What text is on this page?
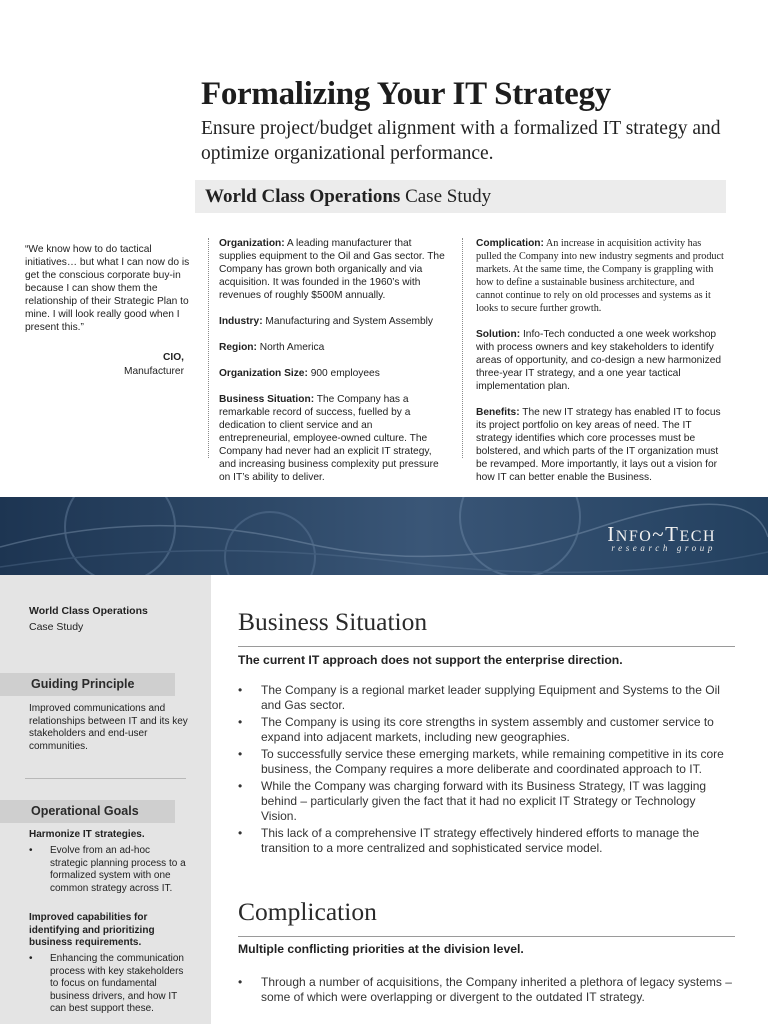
Formalizing Your IT Strategy
Ensure project/budget alignment with a formalized IT strategy and optimize organizational performance.
World Class Operations Case Study
“We know how to do tactical initiatives… but what I can now do is get the conscious corporate buy-in because I can show them the relationship of their Strategic Plan to mine. I will look really good when I present this.”
CIO,
Manufacturer

Organization: A leading manufacturer that supplies equipment to the Oil and Gas sector. The Company has grown both organically and via acquisition. It was founded in the 1960’s with revenues of roughly $500M annually.

Industry: Manufacturing and System Assembly

Region: North America

Organization Size: 900 employees

Business Situation: The Company has a remarkable record of success, fuelled by a dedication to client service and an entrepreneurial, employee-owned culture. The Company had never had an explicit IT strategy, and increasing business complexity put pressure on IT’s ability to deliver.

Complication: An increase in acquisition activity has pulled the Company into new industry segments and product markets. At the same time, the Company is grappling with how to define a sustainable business architecture, and cannot continue to rely on old processes and systems as it looks to secure further growth.

Solution: Info-Tech conducted a one week workshop with process owners and key stakeholders to identify areas of opportunity, and co-design a new harmonized three-year IT strategy, and a one year tactical implementation plan.

Benefits: The new IT strategy has enabled IT to focus its project portfolio on key areas of need. The IT strategy identifies which core processes must be bolstered, and which parts of the IT organization must be revamped. More importantly, it lays out a vision for how IT can better enable the Business.

INFO~TECH
research group
World Class Operations
Case Study
Guiding Principle
Improved communications and relationships between IT and its key stakeholders and end-user communities.
Operational Goals
Harmonize IT strategies.
• Evolve from an ad-hoc strategic planning process to a formalized system with one common strategy across IT.
Improved capabilities for identifying and prioritizing business requirements.
• Enhancing the communication process with key stakeholders to focus on fundamental business drivers, and how IT can best support these.
Business Situation
The current IT approach does not support the enterprise direction.
• The Company is a regional market leader supplying Equipment and Systems to the Oil and Gas sector.
• The Company is using its core strengths in system assembly and customer service to expand into adjacent markets, including new geographies.
• To successfully service these emerging markets, while remaining competitive in its core business, the Company requires a more deliberate and coordinated approach to IT.
• While the Company was charging forward with its Business Strategy, IT was lagging behind – particularly given the fact that it had no explicit IT Strategy or Technology Vision.
• This lack of a comprehensive IT strategy effectively hindered efforts to manage the transition to a more centralized and sophisticated service model.
Complication
Multiple conflicting priorities at the division level.
• Through a number of acquisitions, the Company inherited a plethora of legacy systems – some of which were overlapping or divergent to the outdated IT strategy.
